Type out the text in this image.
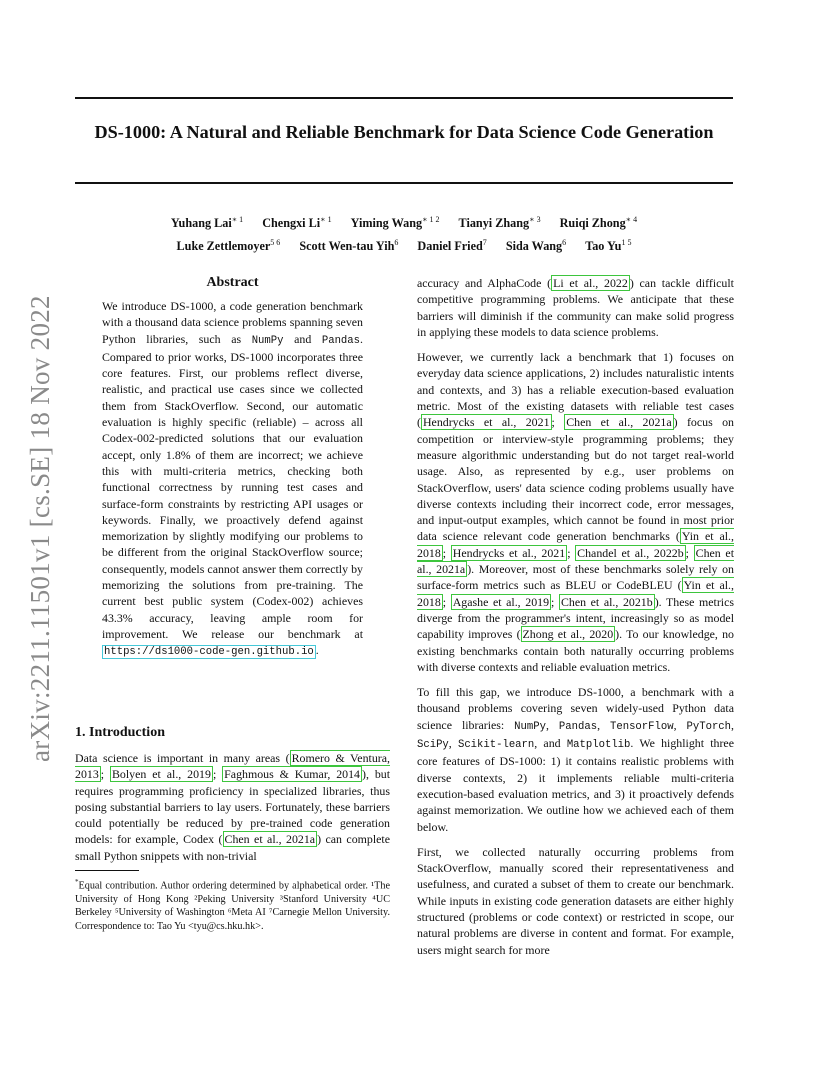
DS-1000: A Natural and Reliable Benchmark for Data Science Code Generation
Yuhang Lai$^{∗ 1}$ Chengxi $Li^{∗ 1}$ Yiming Wang$^{∗ 1 2}$ Tianyi Zhang$^{∗ 3}$ Ruiqi Zhong$^{∗ 4}$
Luke Zettlemoyer$^{5 6}$ Scott Wen-tau Yih$^6$ Daniel Fried$^7$ Sida Wang$^6$ Tao $Yu^{1 5}$
arXiv:2211.11501v1 [cs.SE] 18 Nov 2022
Abstract

We introduce DS-1000, a code generation benchmark with a thousand data science problems spanning seven Python libraries, such as NumPy and Pandas. Compared to prior works, DS-1000 incorporates three core features. First, our problems reflect diverse, realistic, and practical use cases since we collected them from StackOverflow. Second, our automatic evaluation is highly specific (reliable) – across all Codex-002-predicted solutions that our evaluation accept, only 1.8% of them are incorrect; we achieve this with multi-criteria metrics, checking both functional correctness by running test cases and surface-form constraints by restricting API usages or keywords. Finally, we proactively defend against memorization by slightly modifying our problems to be different from the original StackOverflow source; consequently, models cannot answer them correctly by memorizing the solutions from pre-training. The current best public system (Codex-002) achieves 43.3% accuracy, leaving ample room for improvement. We release our benchmark at https://ds1000-code-gen.github.io .

1. Introduction

Data science is important in many areas ( Romero & Ventura, 2013 ; Bolyen et al., 2019 ; Faghmous & Kumar, 2014 ), but requires programming proficiency in specialized libraries, thus posing substantial barriers to lay users. Fortunately, these barriers could potentially be reduced by pre-trained code generation models: for example, Codex ( Chen et al., 2021a ) can complete small Python snippets with non-trivial

*Equal contribution. Author ordering determined by alphabetical order. ¹The University of Hong Kong ²Peking University ³Stanford University ⁴UC Berkeley ⁵University of Washington ⁶Meta AI ⁷Carnegie Mellon University. Correspondence to: Tao Yu <tyu@cs.hku.hk>.

accuracy and AlphaCode ( Li et al., 2022 ) can tackle difficult competitive programming problems. We anticipate that these barriers will diminish if the community can make solid progress in applying these models to data science problems.

However, we currently lack a benchmark that 1) focuses on everyday data science applications, 2) includes naturalistic intents and contexts, and 3) has a reliable execution-based evaluation metric. Most of the existing datasets with reliable test cases ( Hendrycks et al., 2021 ; Chen et al., 2021a ) focus on competition or interview-style programming problems; they measure algorithmic understanding but do not target real-world usage. Also, as represented by e.g., user problems on StackOverflow, users' data science coding problems usually have diverse contexts including their incorrect code, error messages, and input-output examples, which cannot be found in most prior data science relevant code generation benchmarks ( Yin et al., 2018 ; Hendrycks et al., 2021 ; Chandel et al., 2022b ; Chen et al., 2021a ). Moreover, most of these benchmarks solely rely on surface-form metrics such as BLEU or CodeBLEU ( Yin et al., 2018 ; Agashe et al., 2019 ; Chen et al., 2021b ). These metrics diverge from the programmer's intent, increasingly so as model capability improves ( Zhong et al., 2020 ). To our knowledge, no existing benchmarks contain both naturally occurring problems with diverse contexts and reliable evaluation metrics.

To fill this gap, we introduce DS-1000, a benchmark with a thousand problems covering seven widely-used Python data science libraries: NumPy, Pandas, TensorFlow, PyTorch, SciPy, Scikit-learn, and Matplotlib. We highlight three core features of DS-1000: 1) it contains realistic problems with diverse contexts, 2) it implements reliable multi-criteria execution-based evaluation metrics, and 3) it proactively defends against memorization. We outline how we achieved each of them below.

First, we collected naturally occurring problems from StackOverflow, manually scored their representativeness and usefulness, and curated a subset of them to create our benchmark. While inputs in existing code generation datasets are either highly structured (problems or code context) or restricted in scope, our natural problems are diverse in content and format. For example, users might search for more
